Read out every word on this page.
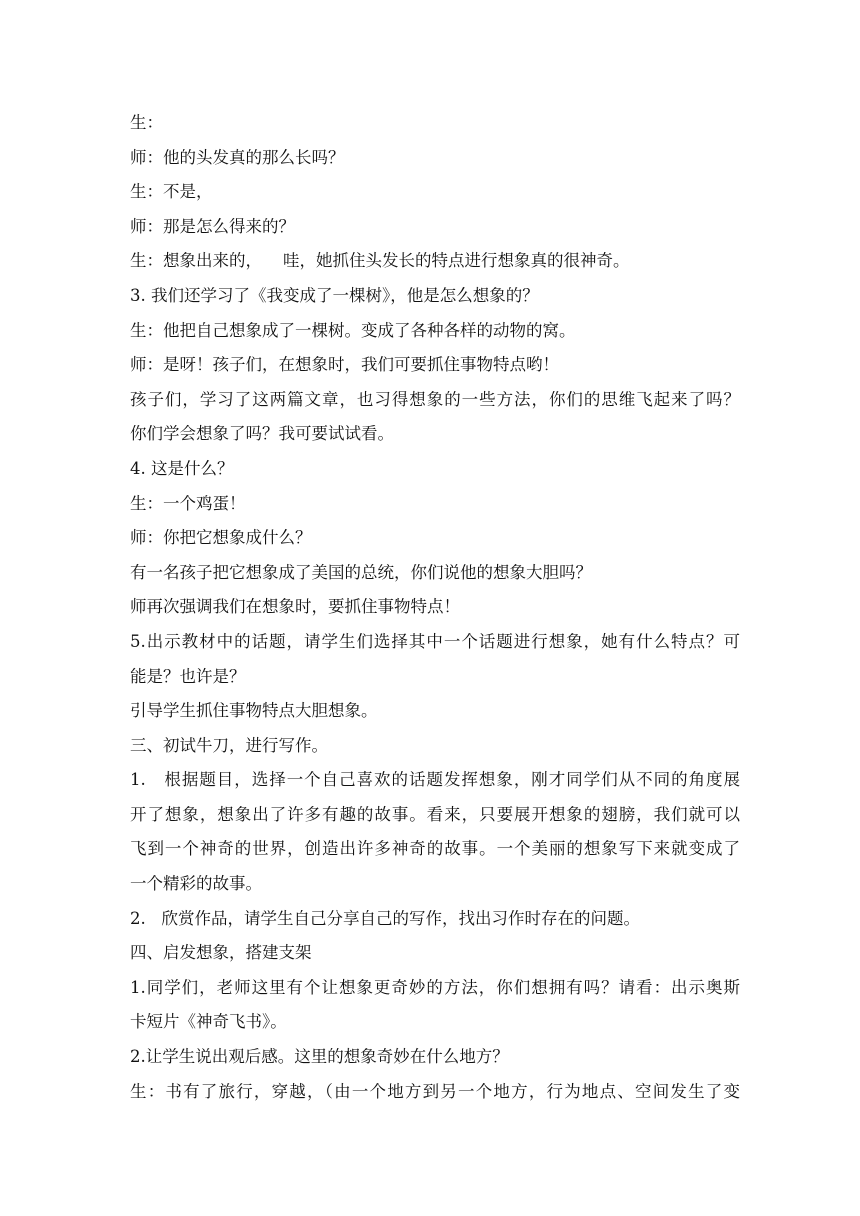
生：

师：他的头发真的那么长吗？

生：不是，

师：那是怎么得来的？

生：想象出来的，    哇，她抓住头发长的特点进行想象真的很神奇。

3. 我们还学习了《我变成了一棵树》，他是怎么想象的？

生：他把自己想象成了一棵树。变成了各种各样的动物的窝。

师：是呀！孩子们，在想象时，我们可要抓住事物特点哟！

孩子们，学习了这两篇文章，也习得想象的一些方法，你们的思维飞起来了吗？

你们学会想象了吗？我可要试试看。

4. 这是什么？

生：一个鸡蛋！

师：你把它想象成什么？

有一名孩子把它想象成了美国的总统，你们说他的想象大胆吗？

师再次强调我们在想象时，要抓住事物特点！

5.出示教材中的话题，请学生们选择其中一个话题进行想象，她有什么特点？可

能是？也许是？

引导学生抓住事物特点大胆想象。

三、初试牛刀，进行写作。

1.   根据题目，选择一个自己喜欢的话题发挥想象，刚才同学们从不同的角度展

开了想象，想象出了许多有趣的故事。看来，只要展开想象的翅膀，我们就可以

飞到一个神奇的世界，创造出许多神奇的故事。一个美丽的想象写下来就变成了

一个精彩的故事。

2.   欣赏作品，请学生自己分享自己的写作，找出习作时存在的问题。

四、启发想象，搭建支架

1.同学们，老师这里有个让想象更奇妙的方法，你们想拥有吗？请看：出示奥斯

卡短片《神奇飞书》。

2.让学生说出观后感。这里的想象奇妙在什么地方？

生：书有了旅行，穿越，（由一个地方到另一个地方，行为地点、空间发生了变
